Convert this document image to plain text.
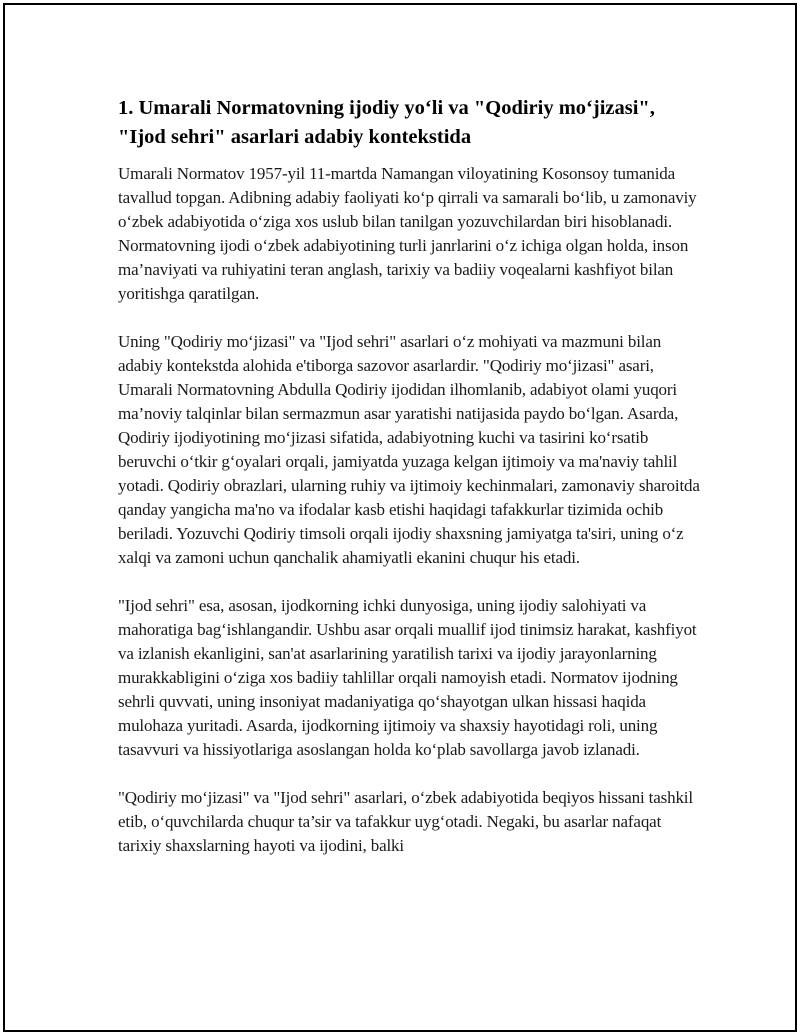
1. Umarali Normatovning ijodiy yo‘li va "Qodiriy mo‘jizasi", "Ijod sehri" asarlari adabiy kontekstida

Umarali Normatov 1957-yil 11-martda Namangan viloyatining Kosonsoy tumanida tavallud topgan. Adibning adabiy faoliyati ko‘p qirrali va samarali bo‘lib, u zamonaviy o‘zbek adabiyotida o‘ziga xos uslub bilan tanilgan yozuvchilardan biri hisoblanadi. Normatovning ijodi o‘zbek adabiyotining turli janrlarini o‘z ichiga olgan holda, inson ma’naviyati va ruhiyatini teran anglash, tarixiy va badiiy voqealarni kashfiyot bilan yoritishga qaratilgan.

Uning "Qodiriy mo‘jizasi" va "Ijod sehri" asarlari o‘z mohiyati va mazmuni bilan adabiy kontekstda alohida e'tiborga sazovor asarlardir. "Qodiriy mo‘jizasi" asari, Umarali Normatovning Abdulla Qodiriy ijodidan ilhomlanib, adabiyot olami yuqori ma’noviy talqinlar bilan sermazmun asar yaratishi natijasida paydo bo‘lgan. Asarda, Qodiriy ijodiyotining mo‘jizasi sifatida, adabiyotning kuchi va tasirini ko‘rsatib beruvchi o‘tkir g‘oyalari orqali, jamiyatda yuzaga kelgan ijtimoiy va ma'naviy tahlil yotadi. Qodiriy obrazlari, ularning ruhiy va ijtimoiy kechinmalari, zamonaviy sharoitda qanday yangicha ma'no va ifodalar kasb etishi haqidagi tafakkurlar tizimida ochib beriladi. Yozuvchi Qodiriy timsoli orqali ijodiy shaxsning jamiyatga ta'siri, uning o‘z xalqi va zamoni uchun qanchalik ahamiyatli ekanini chuqur his etadi.

"Ijod sehri" esa, asosan, ijodkorning ichki dunyosiga, uning ijodiy salohiyati va mahoratiga bag‘ishlangandir. Ushbu asar orqali muallif ijod tinimsiz harakat, kashfiyot va izlanish ekanligini, san'at asarlarining yaratilish tarixi va ijodiy jarayonlarning murakkabligini o‘ziga xos badiiy tahlillar orqali namoyish etadi. Normatov ijodning sehrli quvvati, uning insoniyat madaniyatiga qo‘shayotgan ulkan hissasi haqida mulohaza yuritadi. Asarda, ijodkorning ijtimoiy va shaxsiy hayotidagi roli, uning tasavvuri va hissiyotlariga asoslangan holda ko‘plab savollarga javob izlanadi.

"Qodiriy mo‘jizasi" va "Ijod sehri" asarlari, o‘zbek adabiyotida beqiyos hissani tashkil etib, o‘quvchilarda chuqur ta’sir va tafakkur uyg‘otadi. Negaki, bu asarlar nafaqat tarixiy shaxslarning hayoti va ijodini, balki
